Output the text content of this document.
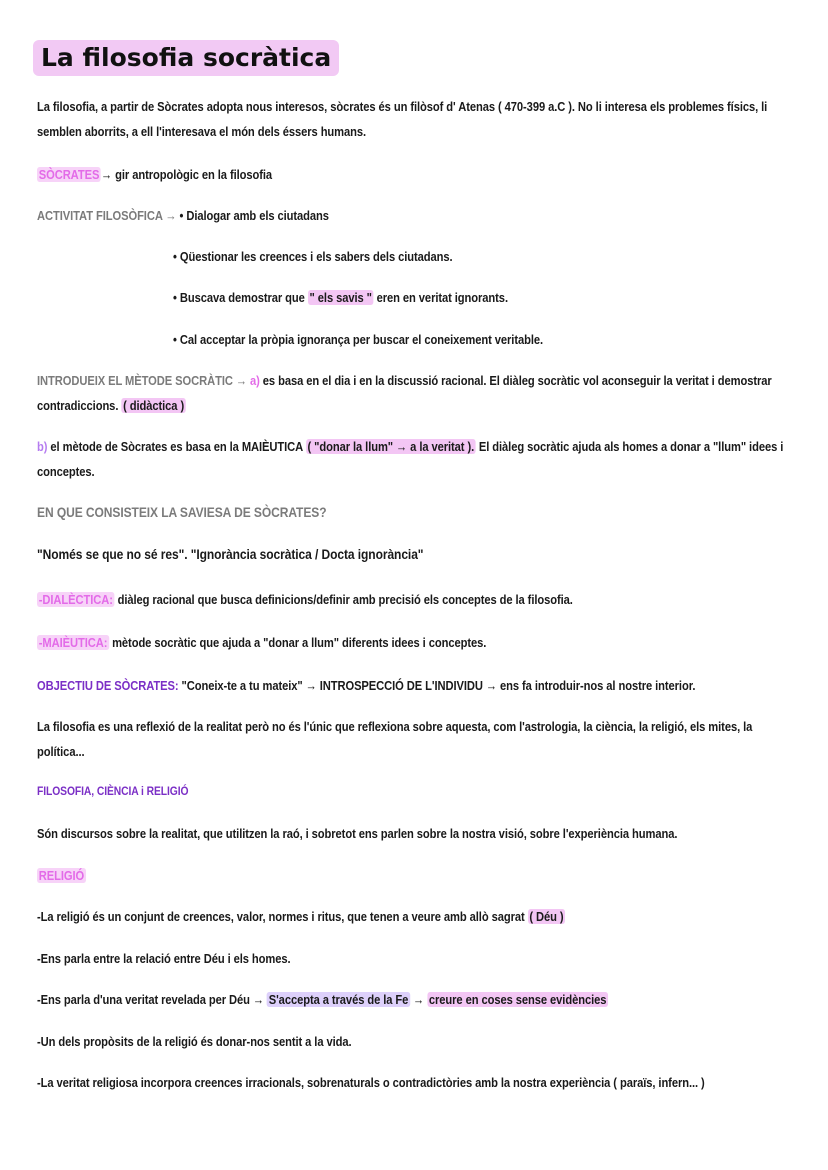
La filosofia socràtica
La filosofia, a partir de Sòcrates adopta nous interesos, sòcrates és un filòsof d' Atenas ( 470-399 a.C ). No li interesa els problemes físics, li semblen aborrits, a ell l'interesava el món dels éssers humans.
SÒCRATES → gir antropològic en la filosofia
ACTIVITAT FILOSÒFICA → • Dialogar amb els ciutadans
• Qüestionar les creences i els sabers dels ciutadans.
• Buscava demostrar que " els savis " eren en veritat ignorants.
• Cal acceptar la pròpia ignorança per buscar el coneixement veritable.
INTRODUEIX EL MÈTODE SOCRÀTIC → a) es basa en el dia i en la discussió racional. El diàleg socràtic vol aconseguir la veritat i demostrar contradiccions. ( didàctica )
b) el mètode de Sòcrates es basa en la MAIÈUTICA ( "donar la llum" → a la veritat ). El diàleg socràtic ajuda als homes a donar a "llum" idees i conceptes.
EN QUE CONSISTEIX LA SAVIESA DE SÒCRATES?
"Només se que no sé res". "Ignorància socràtica / Docta ignorància"
-DIALÈCTICA: diàleg racional que busca definicions/definir amb precisió els conceptes de la filosofia.
-MAIÈUTICA: mètode socràtic que ajuda a "donar a llum" diferents idees i conceptes.
OBJECTIU DE SÒCRATES: "Coneix-te a tu mateix" → INTROSPECCIÓ DE L'INDIVIDU → ens fa introduir-nos al nostre interior.
La filosofia es una reflexió de la realitat però no és l'únic que reflexiona sobre aquesta, com l'astrologia, la ciència, la religió, els mites, la política...
FILOSOFIA, CIÈNCIA i RELIGIÓ
Són discursos sobre la realitat, que utilitzen la raó, i sobretot ens parlen sobre la nostra visió, sobre l'experiència humana.
RELIGIÓ
-La religió és un conjunt de creences, valor, normes i ritus, que tenen a veure amb allò sagrat ( Déu )
-Ens parla entre la relació entre Déu i els homes.
-Ens parla d'una veritat revelada per Déu → S'accepta a través de la Fe → creure en coses sense evidències
-Un dels propòsits de la religió és donar-nos sentit a la vida.
-La veritat religiosa incorpora creences irracionals, sobrenaturals o contradictòries amb la nostra experiència ( paraïs, infern... )
